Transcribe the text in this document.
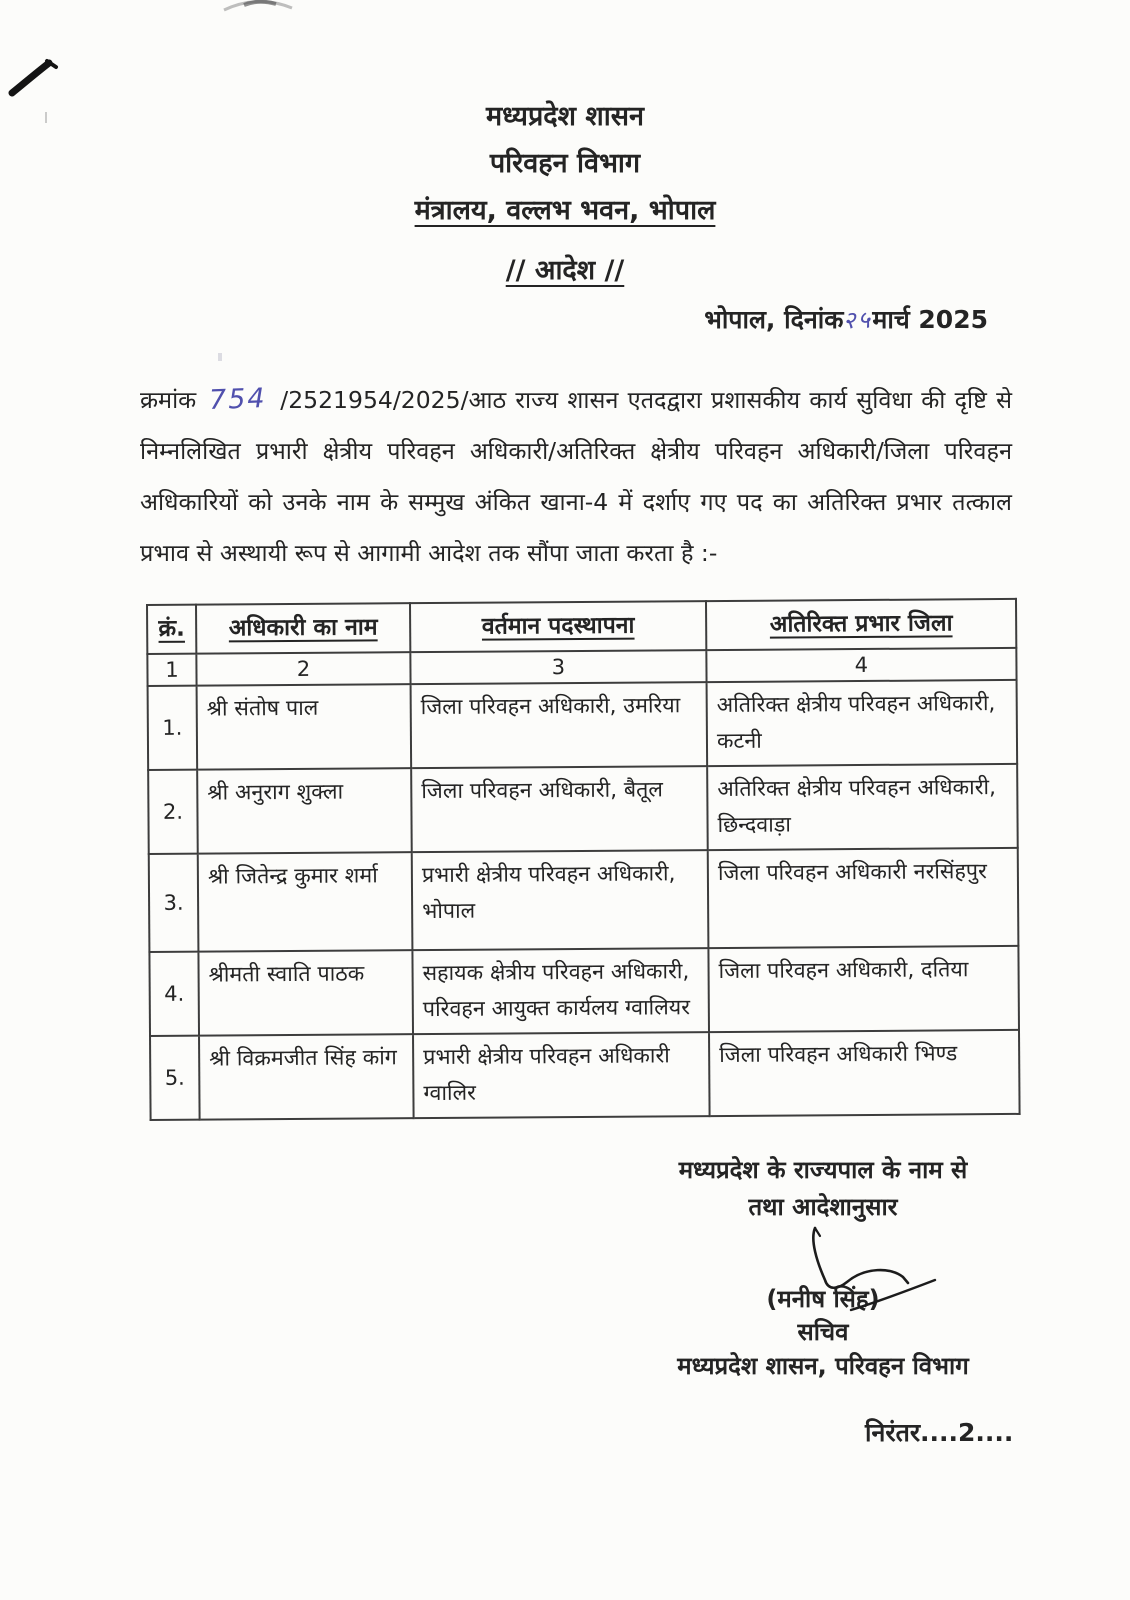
मध्यप्रदेश शासन
परिवहन विभाग
मंत्रालय, वल्लभ भवन, भोपाल
// आदेश //
भोपाल, दिनांक२५मार्च 2025

क्रमांक 754 /2521954/2025/आठ राज्य शासन एतदद्वारा प्रशासकीय कार्य सुविधा की दृष्टि से निम्नलिखित प्रभारी क्षेत्रीय परिवहन अधिकारी/अतिरिक्त क्षेत्रीय परिवहन अधिकारी/जिला परिवहन अधिकारियों को उनके नाम के सम्मुख अंकित खाना-4 में दर्शाए गए पद का अतिरिक्त प्रभार तत्काल प्रभाव से अस्थायी रूप से आगामी आदेश तक सौंपा जाता करता है :-

क्रं.	अधिकारी का नाम	वर्तमान पदस्थापना	अतिरिक्त प्रभार जिला
1	2	3	4
1.	श्री संतोष पाल	जिला परिवहन अधिकारी, उमरिया	अतिरिक्त क्षेत्रीय परिवहन अधिकारी, कटनी
2.	श्री अनुराग शुक्ला	जिला परिवहन अधिकारी, बैतूल	अतिरिक्त क्षेत्रीय परिवहन अधिकारी, छिन्दवाड़ा
3.	श्री जितेन्द्र कुमार शर्मा	प्रभारी क्षेत्रीय परिवहन अधिकारी, भोपाल	जिला परिवहन अधिकारी नरसिंहपुर
4.	श्रीमती स्वाति पाठक	सहायक क्षेत्रीय परिवहन अधिकारी, परिवहन आयुक्त कार्यलय ग्वालियर	जिला परिवहन अधिकारी, दतिया
5.	श्री विक्रमजीत सिंह कांग	प्रभारी क्षेत्रीय परिवहन अधिकारी ग्वालिर	जिला परिवहन अधिकारी भिण्ड
मध्यप्रदेश के राज्यपाल के नाम से
तथा आदेशानुसार
(मनीष सिंह)
सचिव
मध्यप्रदेश शासन, परिवहन विभाग
निरंतर....2....
